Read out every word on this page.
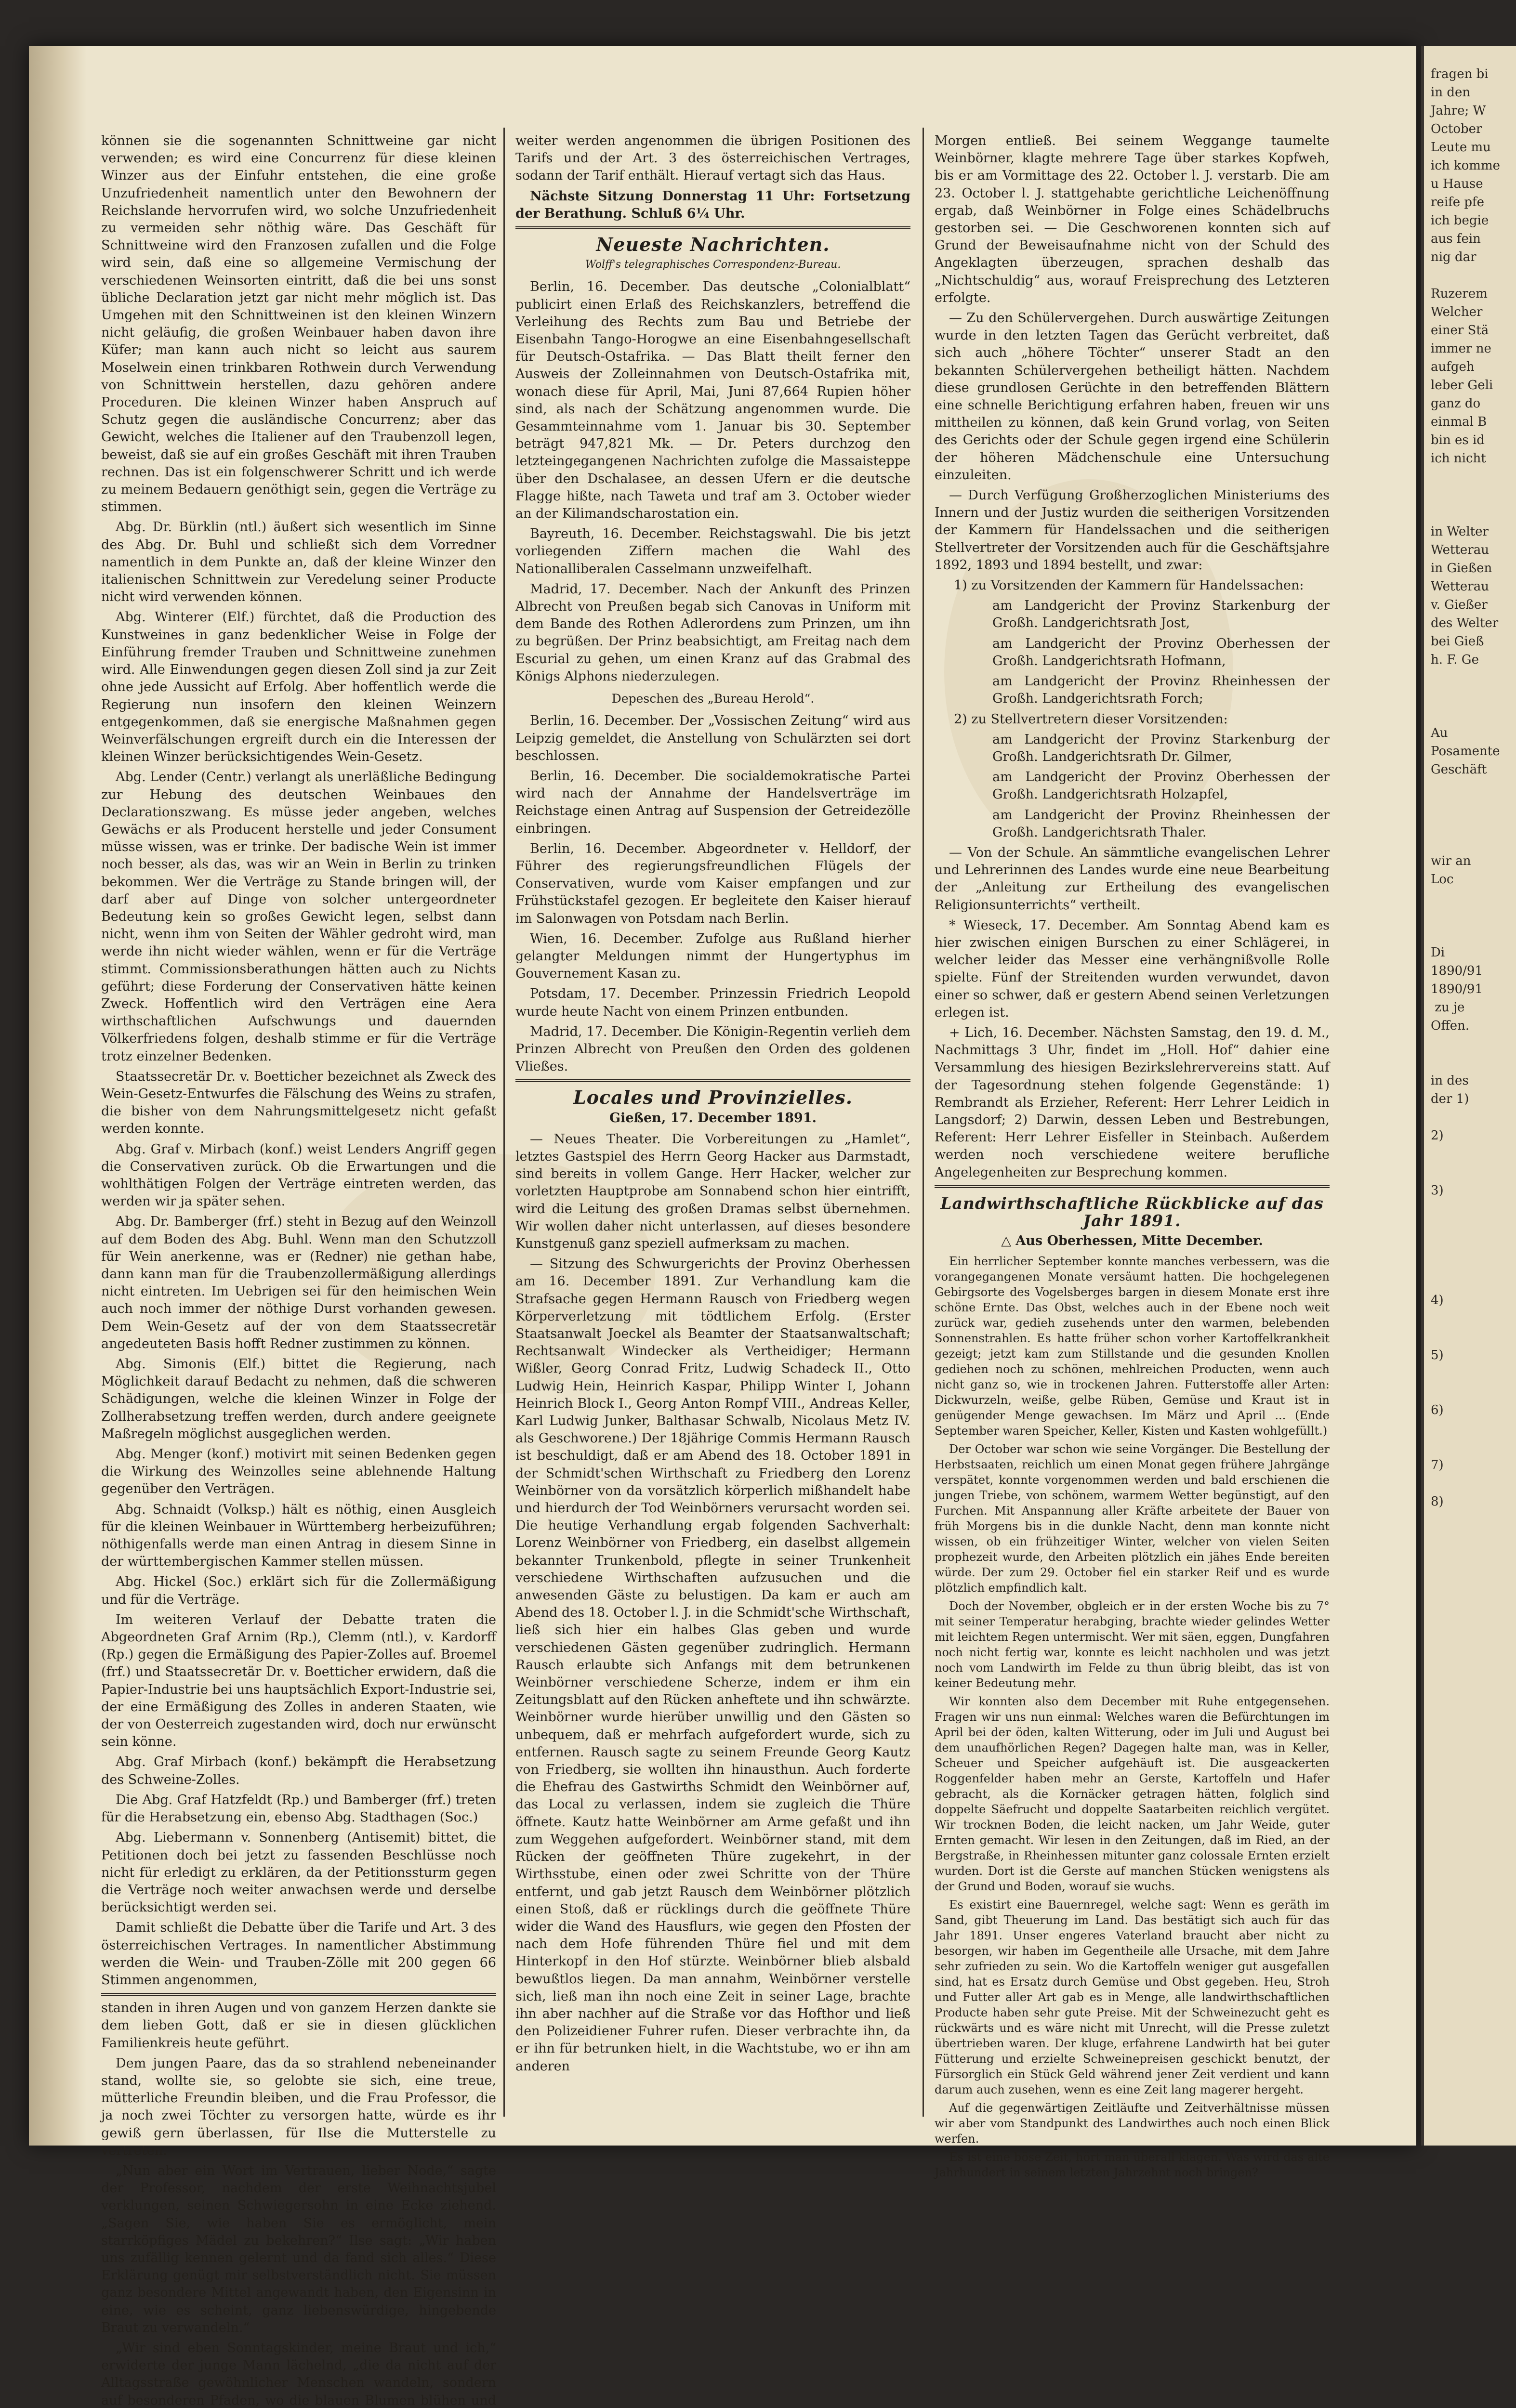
können sie die sogenannten Schnittweine gar nicht verwenden; es wird eine Concurrenz für diese kleinen Winzer aus der Einfuhr entstehen, die eine große Unzufriedenheit namentlich unter den Bewohnern der Reichslande hervorrufen wird, wo solche Unzufriedenheit zu vermeiden sehr nöthig wäre. Das Geschäft für Schnittweine wird den Franzosen zufallen und die Folge wird sein, daß eine so allgemeine Vermischung der verschiedenen Weinsorten eintritt, daß die bei uns sonst übliche Declaration jetzt gar nicht mehr möglich ist. Das Umgehen mit den Schnittweinen ist den kleinen Winzern nicht geläufig, die großen Weinbauer haben davon ihre Küfer; man kann auch nicht so leicht aus saurem Moselwein einen trinkbaren Rothwein durch Verwendung von Schnittwein herstellen, dazu gehören andere Proceduren. Die kleinen Winzer haben Anspruch auf Schutz gegen die ausländische Concurrenz; aber das Gewicht, welches die Italiener auf den Traubenzoll legen, beweist, daß sie auf ein großes Geschäft mit ihren Trauben rechnen. Das ist ein folgenschwerer Schritt und ich werde zu meinem Bedauern genöthigt sein, gegen die Verträge zu stimmen.

Abg. Dr. Bürklin (ntl.) äußert sich wesentlich im Sinne des Abg. Dr. Buhl und schließt sich dem Vorredner namentlich in dem Punkte an, daß der kleine Winzer den italienischen Schnittwein zur Veredelung seiner Producte nicht wird verwenden können.

Abg. Winterer (Elf.) fürchtet, daß die Production des Kunstweines in ganz bedenklicher Weise in Folge der Einführung fremder Trauben und Schnittweine zunehmen wird. Alle Einwendungen gegen diesen Zoll sind ja zur Zeit ohne jede Aussicht auf Erfolg. Aber hoffentlich werde die Regierung nun insofern den kleinen Weinzern entgegenkommen, daß sie energische Maßnahmen gegen Weinverfälschungen ergreift durch ein die Interessen der kleinen Winzer berücksichtigendes Wein-Gesetz.

Abg. Lender (Centr.) verlangt als unerläßliche Bedingung zur Hebung des deutschen Weinbaues den Declarationszwang. Es müsse jeder angeben, welches Gewächs er als Producent herstelle und jeder Consument müsse wissen, was er trinke. Der badische Wein ist immer noch besser, als das, was wir an Wein in Berlin zu trinken bekommen. Wer die Verträge zu Stande bringen will, der darf aber auf Dinge von solcher untergeordneter Bedeutung kein so großes Gewicht legen, selbst dann nicht, wenn ihm von Seiten der Wähler gedroht wird, man werde ihn nicht wieder wählen, wenn er für die Verträge stimmt. Commissionsberathungen hätten auch zu Nichts geführt; diese Forderung der Conservativen hätte keinen Zweck. Hoffentlich wird den Verträgen eine Aera wirthschaftlichen Aufschwungs und dauernden Völkerfriedens folgen, deshalb stimme er für die Verträge trotz einzelner Bedenken.

Staatssecretär Dr. v. Boetticher bezeichnet als Zweck des Wein-Gesetz-Entwurfes die Fälschung des Weins zu strafen, die bisher von dem Nahrungsmittelgesetz nicht gefaßt werden konnte.

Abg. Graf v. Mirbach (konf.) weist Lenders Angriff gegen die Conservativen zurück. Ob die Erwartungen und die wohlthätigen Folgen der Verträge eintreten werden, das werden wir ja später sehen.

Abg. Dr. Bamberger (frf.) steht in Bezug auf den Weinzoll auf dem Boden des Abg. Buhl. Wenn man den Schutzzoll für Wein anerkenne, was er (Redner) nie gethan habe, dann kann man für die Traubenzollermäßigung allerdings nicht eintreten. Im Uebrigen sei für den heimischen Wein auch noch immer der nöthige Durst vorhanden gewesen. Dem Wein-Gesetz auf der von dem Staatssecretär angedeuteten Basis hofft Redner zustimmen zu können.

Abg. Simonis (Elf.) bittet die Regierung, nach Möglichkeit darauf Bedacht zu nehmen, daß die schweren Schädigungen, welche die kleinen Winzer in Folge der Zollherabsetzung treffen werden, durch andere geeignete Maßregeln möglichst ausgeglichen werden.

Abg. Menger (konf.) motivirt mit seinen Bedenken gegen die Wirkung des Weinzolles seine ablehnende Haltung gegenüber den Verträgen.

Abg. Schnaidt (Volksp.) hält es nöthig, einen Ausgleich für die kleinen Weinbauer in Württemberg herbeizuführen; nöthigenfalls werde man einen Antrag in diesem Sinne in der württembergischen Kammer stellen müssen.

Abg. Hickel (Soc.) erklärt sich für die Zollermäßigung und für die Verträge.

Im weiteren Verlauf der Debatte traten die Abgeordneten Graf Arnim (Rp.), Clemm (ntl.), v. Kardorff (Rp.) gegen die Ermäßigung des Papier-Zolles auf. Broemel (frf.) und Staatssecretär Dr. v. Boetticher erwidern, daß die Papier-Industrie bei uns hauptsächlich Export-Industrie sei, der eine Ermäßigung des Zolles in anderen Staaten, wie der von Oesterreich zugestanden wird, doch nur erwünscht sein könne.

Abg. Graf Mirbach (konf.) bekämpft die Herabsetzung des Schweine-Zolles.

Die Abg. Graf Hatzfeldt (Rp.) und Bamberger (frf.) treten für die Herabsetzung ein, ebenso Abg. Stadthagen (Soc.)

Abg. Liebermann v. Sonnenberg (Antisemit) bittet, die Petitionen doch bei jetzt zu fassenden Beschlüsse noch nicht für erledigt zu erklären, da der Petitionssturm gegen die Verträge noch weiter anwachsen werde und derselbe berücksichtigt werden sei.

Damit schließt die Debatte über die Tarife und Art. 3 des österreichischen Vertrages. In namentlicher Abstimmung werden die Wein- und Trauben-Zölle mit 200 gegen 66 Stimmen angenommen,

standen in ihren Augen und von ganzem Herzen dankte sie dem lieben Gott, daß er sie in diesen glücklichen Familienkreis heute geführt.

Dem jungen Paare, das da so strahlend nebeneinander stand, wollte sie, so gelobte sie sich, eine treue, mütterliche Freundin bleiben, und die Frau Professor, die ja noch zwei Töchter zu versorgen hatte, würde es ihr gewiß gern überlassen, für Ilse die Mutterstelle zu vertreten.

„Nun aber ein Wort im Vertrauen, lieber Node,“ sagte der Professor, nachdem der erste Weihnachtsjubel verklungen, seinen Schwiegersohn in eine Ecke ziehend. „Sagen Sie, wie haben Sie es ermöglicht, mein starrköpfiges Mädel zu bekehren?“ Ilse sagt: „Wir haben uns zufällig kennen gelernt und da fand sich alles.“ Diese Erklärung genügt mir selbstverständlich nicht. Sie müssen ganz besondere Mittel angewandt haben, den Eigensinn in eine, wie es scheint, ganz liebenswürdige, hingebende Braut zu verwandeln.“

„Wir sind eben Sonntagskinder, meine Braut und ich,“ erwiderte der junge Mann lächelnd, „die da nicht auf der Alltagsstraße gewöhnlicher Menschen wandeln, sondern auf besonderen Pfaden, wo die blauen Blumen blühen und

weiter werden angenommen die übrigen Positionen des Tarifs und der Art. 3 des österreichischen Vertrages, sodann der Tarif enthält. Hierauf vertagt sich das Haus.

Nächste Sitzung Donnerstag 11 Uhr: Fortsetzung der Berathung. Schluß 6¼ Uhr.

Neueste Nachrichten.
Wolff's telegraphisches Correspondenz-Bureau.

Berlin, 16. December. Das deutsche „Colonialblatt“ publicirt einen Erlaß des Reichskanzlers, betreffend die Verleihung des Rechts zum Bau und Betriebe der Eisenbahn Tango-Horogwe an eine Eisenbahngesellschaft für Deutsch-Ostafrika. — Das Blatt theilt ferner den Ausweis der Zolleinnahmen von Deutsch-Ostafrika mit, wonach diese für April, Mai, Juni 87,664 Rupien höher sind, als nach der Schätzung angenommen wurde. Die Gesammteinnahme vom 1. Januar bis 30. September beträgt 947,821 Mk. — Dr. Peters durchzog den letzteingegangenen Nachrichten zufolge die Massaisteppe über den Dschalasee, an dessen Ufern er die deutsche Flagge hißte, nach Taweta und traf am 3. October wieder an der Kilimandscharostation ein.

Bayreuth, 16. December. Reichstagswahl. Die bis jetzt vorliegenden Ziffern machen die Wahl des Nationalliberalen Casselmann unzweifelhaft.

Madrid, 17. December. Nach der Ankunft des Prinzen Albrecht von Preußen begab sich Canovas in Uniform mit dem Bande des Rothen Adlerordens zum Prinzen, um ihn zu begrüßen. Der Prinz beabsichtigt, am Freitag nach dem Escurial zu gehen, um einen Kranz auf das Grabmal des Königs Alphons niederzulegen.

Depeschen des „Bureau Herold“.

Berlin, 16. December. Der „Vossischen Zeitung“ wird aus Leipzig gemeldet, die Anstellung von Schulärzten sei dort beschlossen.

Berlin, 16. December. Die socialdemokratische Partei wird nach der Annahme der Handelsverträge im Reichstage einen Antrag auf Suspension der Getreidezölle einbringen.

Berlin, 16. December. Abgeordneter v. Helldorf, der Führer des regierungsfreundlichen Flügels der Conservativen, wurde vom Kaiser empfangen und zur Frühstückstafel gezogen. Er begleitete den Kaiser hierauf im Salonwagen von Potsdam nach Berlin.

Wien, 16. December. Zufolge aus Rußland hierher gelangter Meldungen nimmt der Hungertyphus im Gouvernement Kasan zu.

Potsdam, 17. December. Prinzessin Friedrich Leopold wurde heute Nacht von einem Prinzen entbunden.

Madrid, 17. December. Die Königin-Regentin verlieh dem Prinzen Albrecht von Preußen den Orden des goldenen Vließes.

Locales und Provinzielles.
Gießen, 17. December 1891.

— Neues Theater. Die Vorbereitungen zu „Hamlet“, letztes Gastspiel des Herrn Georg Hacker aus Darmstadt, sind bereits in vollem Gange. Herr Hacker, welcher zur vorletzten Hauptprobe am Sonnabend schon hier eintrifft, wird die Leitung des großen Dramas selbst übernehmen. Wir wollen daher nicht unterlassen, auf dieses besondere Kunstgenuß ganz speziell aufmerksam zu machen.

— Sitzung des Schwurgerichts der Provinz Oberhessen am 16. December 1891. Zur Verhandlung kam die Strafsache gegen Hermann Rausch von Friedberg wegen Körperverletzung mit tödtlichem Erfolg. (Erster Staatsanwalt Joeckel als Beamter der Staatsanwaltschaft; Rechtsanwalt Windecker als Vertheidiger; Hermann Wißler, Georg Conrad Fritz, Ludwig Schadeck II., Otto Ludwig Hein, Heinrich Kaspar, Philipp Winter I, Johann Heinrich Block I., Georg Anton Rompf VIII., Andreas Keller, Karl Ludwig Junker, Balthasar Schwalb, Nicolaus Metz IV. als Geschworene.) Der 18jährige Commis Hermann Rausch ist beschuldigt, daß er am Abend des 18. October 1891 in der Schmidt'schen Wirthschaft zu Friedberg den Lorenz Weinbörner von da vorsätzlich körperlich mißhandelt habe und hierdurch der Tod Weinbörners verursacht worden sei. Die heutige Verhandlung ergab folgenden Sachverhalt: Lorenz Weinbörner von Friedberg, ein daselbst allgemein bekannter Trunkenbold, pflegte in seiner Trunkenheit verschiedene Wirthschaften aufzusuchen und die anwesenden Gäste zu belustigen. Da kam er auch am Abend des 18. October l. J. in die Schmidt'sche Wirthschaft, ließ sich hier ein halbes Glas geben und wurde verschiedenen Gästen gegenüber zudringlich. Hermann Rausch erlaubte sich Anfangs mit dem betrunkenen Weinbörner verschiedene Scherze, indem er ihm ein Zeitungsblatt auf den Rücken anheftete und ihn schwärzte. Weinbörner wurde hierüber unwillig und den Gästen so unbequem, daß er mehrfach aufgefordert wurde, sich zu entfernen. Rausch sagte zu seinem Freunde Georg Kautz von Friedberg, sie wollten ihn hinausthun. Auch forderte die Ehefrau des Gastwirths Schmidt den Weinbörner auf, das Local zu verlassen, indem sie zugleich die Thüre öffnete. Kautz hatte Weinbörner am Arme gefaßt und ihn zum Weggehen aufgefordert. Weinbörner stand, mit dem Rücken der geöffneten Thüre zugekehrt, in der Wirthsstube, einen oder zwei Schritte von der Thüre entfernt, und gab jetzt Rausch dem Weinbörner plötzlich einen Stoß, daß er rücklings durch die geöffnete Thüre wider die Wand des Hausflurs, wie gegen den Pfosten der nach dem Hofe führenden Thüre fiel und mit dem Hinterkopf in den Hof stürzte. Weinbörner blieb alsbald bewußtlos liegen. Da man annahm, Weinbörner verstelle sich, ließ man ihn noch eine Zeit in seiner Lage, brachte ihn aber nachher auf die Straße vor das Hofthor und ließ den Polizeidiener Fuhrer rufen. Dieser verbrachte ihn, da er ihn für betrunken hielt, in die Wachtstube, wo er ihn am anderen

Morgen entließ. Bei seinem Weggange taumelte Weinbörner, klagte mehrere Tage über starkes Kopfweh, bis er am Vormittage des 22. October l. J. verstarb. Die am 23. October l. J. stattgehabte gerichtliche Leichenöffnung ergab, daß Weinbörner in Folge eines Schädelbruchs gestorben sei. — Die Geschworenen konnten sich auf Grund der Beweisaufnahme nicht von der Schuld des Angeklagten überzeugen, sprachen deshalb das „Nichtschuldig“ aus, worauf Freisprechung des Letzteren erfolgte.

— Zu den Schülervergehen. Durch auswärtige Zeitungen wurde in den letzten Tagen das Gerücht verbreitet, daß sich auch „höhere Töchter“ unserer Stadt an den bekannten Schülervergehen betheiligt hätten. Nachdem diese grundlosen Gerüchte in den betreffenden Blättern eine schnelle Berichtigung erfahren haben, freuen wir uns mittheilen zu können, daß kein Grund vorlag, von Seiten des Gerichts oder der Schule gegen irgend eine Schülerin der höheren Mädchenschule eine Untersuchung einzuleiten.

— Durch Verfügung Großherzoglichen Ministeriums des Innern und der Justiz wurden die seitherigen Vorsitzenden der Kammern für Handelssachen und die seitherigen Stellvertreter der Vorsitzenden auch für die Geschäftsjahre 1892, 1893 und 1894 bestellt, und zwar:

1) zu Vorsitzenden der Kammern für Handelssachen:

am Landgericht der Provinz Starkenburg der Großh. Landgerichtsrath Jost,

am Landgericht der Provinz Oberhessen der Großh. Landgerichtsrath Hofmann,

am Landgericht der Provinz Rheinhessen der Großh. Landgerichtsrath Forch;

2) zu Stellvertretern dieser Vorsitzenden:

am Landgericht der Provinz Starkenburg der Großh. Landgerichtsrath Dr. Gilmer,

am Landgericht der Provinz Oberhessen der Großh. Landgerichtsrath Holzapfel,

am Landgericht der Provinz Rheinhessen der Großh. Landgerichtsrath Thaler.

— Von der Schule. An sämmtliche evangelischen Lehrer und Lehrerinnen des Landes wurde eine neue Bearbeitung der „Anleitung zur Ertheilung des evangelischen Religionsunterrichts“ vertheilt.

* Wieseck, 17. December. Am Sonntag Abend kam es hier zwischen einigen Burschen zu einer Schlägerei, in welcher leider das Messer eine verhängnißvolle Rolle spielte. Fünf der Streitenden wurden verwundet, davon einer so schwer, daß er gestern Abend seinen Verletzungen erlegen ist.

+ Lich, 16. December. Nächsten Samstag, den 19. d. M., Nachmittags 3 Uhr, findet im „Holl. Hof“ dahier eine Versammlung des hiesigen Bezirkslehrervereins statt. Auf der Tagesordnung stehen folgende Gegenstände: 1) Rembrandt als Erzieher, Referent: Herr Lehrer Leidich in Langsdorf; 2) Darwin, dessen Leben und Bestrebungen, Referent: Herr Lehrer Eisfeller in Steinbach. Außerdem werden noch verschiedene weitere berufliche Angelegenheiten zur Besprechung kommen.

Landwirthschaftliche Rückblicke auf das Jahr 1891.
△ Aus Oberhessen, Mitte December.

Ein herrlicher September konnte manches verbessern, was die vorangegangenen Monate versäumt hatten. Die hochgelegenen Gebirgsorte des Vogelsberges bargen in diesem Monate erst ihre schöne Ernte. Das Obst, welches auch in der Ebene noch weit zurück war, gedieh zusehends unter den warmen, belebenden Sonnenstrahlen. Es hatte früher schon vorher Kartoffelkrankheit gezeigt; jetzt kam zum Stillstande und die gesunden Knollen gediehen noch zu schönen, mehlreichen Producten, wenn auch nicht ganz so, wie in trockenen Jahren. Futterstoffe aller Arten: Dickwurzeln, weiße, gelbe Rüben, Gemüse und Kraut ist in genügender Menge gewachsen. Im März und April ... (Ende September waren Speicher, Keller, Kisten und Kasten wohlgefüllt.)

Der October war schon wie seine Vorgänger. Die Bestellung der Herbstsaaten, reichlich um einen Monat gegen frühere Jahrgänge verspätet, konnte vorgenommen werden und bald erschienen die jungen Triebe, von schönem, warmem Wetter begünstigt, auf den Furchen. Mit Anspannung aller Kräfte arbeitete der Bauer von früh Morgens bis in die dunkle Nacht, denn man konnte nicht wissen, ob ein frühzeitiger Winter, welcher von vielen Seiten prophezeit wurde, den Arbeiten plötzlich ein jähes Ende bereiten würde. Der zum 29. October fiel ein starker Reif und es wurde plötzlich empfindlich kalt.

Doch der November, obgleich er in der ersten Woche bis zu 7° mit seiner Temperatur herabging, brachte wieder gelindes Wetter mit leichtem Regen untermischt. Wer mit säen, eggen, Dungfahren noch nicht fertig war, konnte es leicht nachholen und was jetzt noch vom Landwirth im Felde zu thun übrig bleibt, das ist von keiner Bedeutung mehr.

Wir konnten also dem December mit Ruhe entgegensehen. Fragen wir uns nun einmal: Welches waren die Befürchtungen im April bei der öden, kalten Witterung, oder im Juli und August bei dem unaufhörlichen Regen? Dagegen halte man, was in Keller, Scheuer und Speicher aufgehäuft ist. Die ausgeackerten Roggenfelder haben mehr an Gerste, Kartoffeln und Hafer gebracht, als die Kornäcker getragen hätten, folglich sind doppelte Säefrucht und doppelte Saatarbeiten reichlich vergütet. Wir trocknen Boden, die leicht nacken, um Jahr Weide, guter Ernten gemacht. Wir lesen in den Zeitungen, daß im Ried, an der Bergstraße, in Rheinhessen mitunter ganz colossale Ernten erzielt wurden. Dort ist die Gerste auf manchen Stücken wenigstens als der Grund und Boden, worauf sie wuchs.

Es existirt eine Bauernregel, welche sagt: Wenn es geräth im Sand, gibt Theuerung im Land. Das bestätigt sich auch für das Jahr 1891. Unser engeres Vaterland braucht aber nicht zu besorgen, wir haben im Gegentheile alle Ursache, mit dem Jahre sehr zufrieden zu sein. Wo die Kartoffeln weniger gut ausgefallen sind, hat es Ersatz durch Gemüse und Obst gegeben. Heu, Stroh und Futter aller Art gab es in Menge, alle landwirthschaftlichen Producte haben sehr gute Preise. Mit der Schweinezucht geht es rückwärts und es wäre nicht mit Unrecht, will die Presse zuletzt übertrieben waren. Der kluge, erfahrene Landwirth hat bei guter Fütterung und erzielte Schweinepreisen geschickt benutzt, der Fürsorglich ein Stück Geld während jener Zeit verdient und kann darum auch zusehen, wenn es eine Zeit lang magerer hergeht.

Auf die gegenwärtigen Zeitläufte und Zeitverhältnisse müssen wir aber vom Standpunkt des Landwirthes auch noch einen Blick werfen.

Es ist eine böse Zeit, hört man überall klagen. Was wird das alte Jahrhundert in seinem letzten Jahrzehnt noch bringen?

fragen bi
in den
Jahre; W
October
Leute mu
ich komme
u Hause
reife pfe
ich begie
aus fein
nig dar

Ruzerem
Welcher
einer Stä
immer ne
aufgeh
leber Geli
ganz do
einmal B
bin es id
ich nicht

in Welter
Wetterau
in Gießen
Wetterau
v. Gießer
des Welter
bei Gieß
h. F. Ge

Au
Posamente
Geschäft

wir an
Loc

Di
1890/91
1890/91
zu je
Offen.

in des
der 1)

2)

3)

4)

5)

6)

7)

8)
